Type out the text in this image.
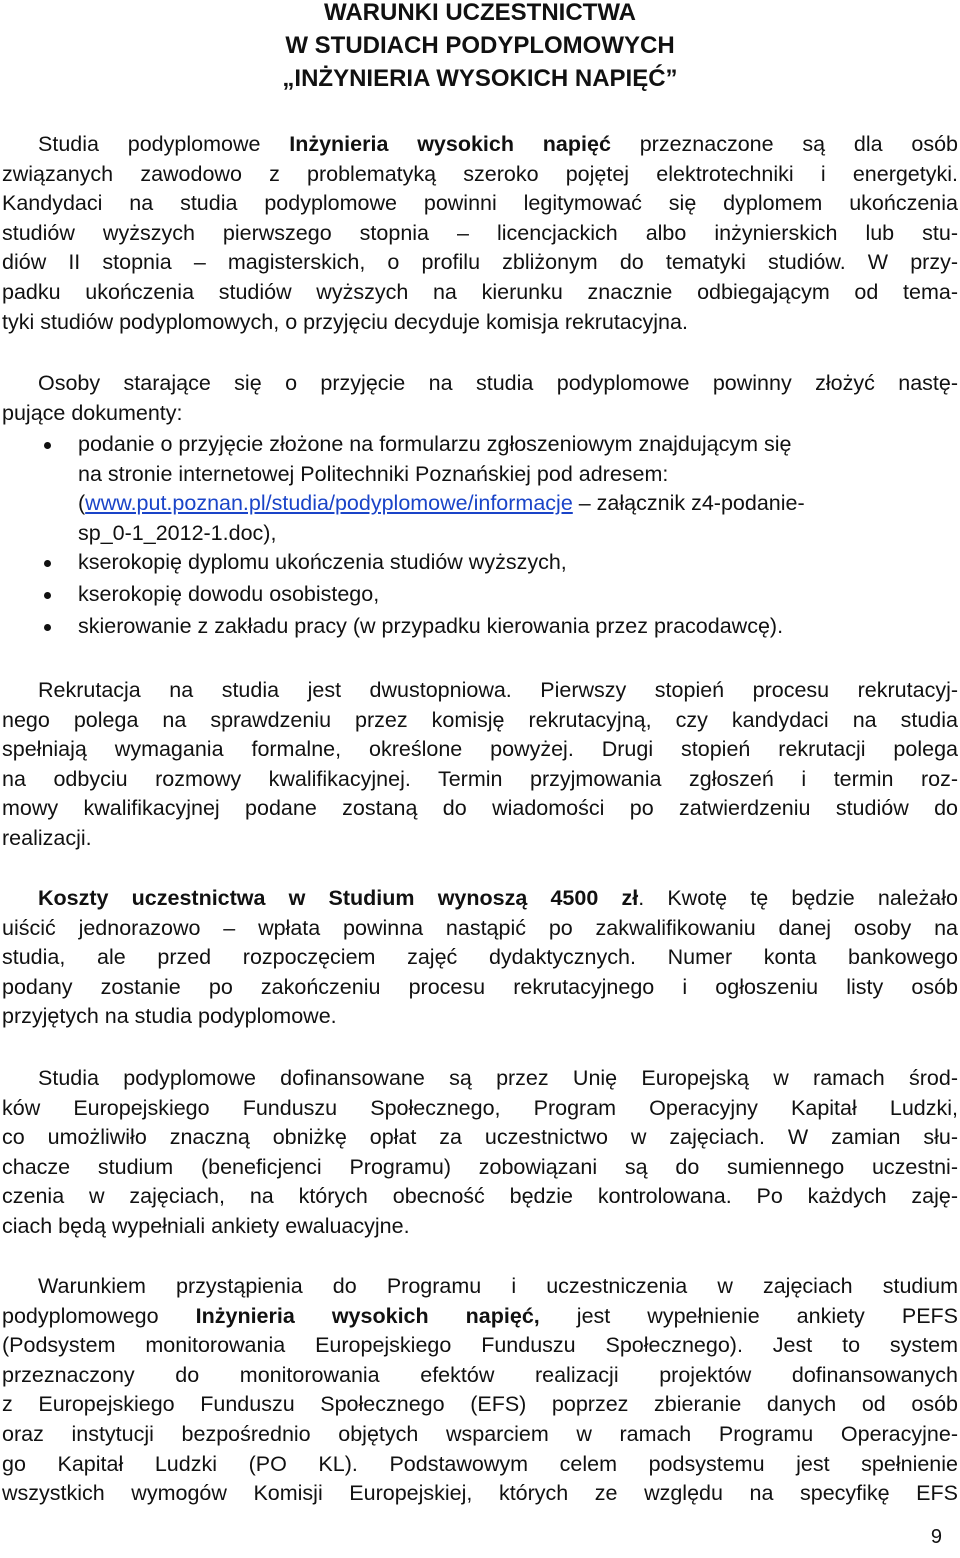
WARUNKI UCZESTNICTWA
W STUDIACH PODYPLOMOWYCH
„INŻYNIERIA WYSOKICH NAPIĘĆ”
Studia podyplomowe Inżynieria wysokich napięć przeznaczone są dla osób
związanych zawodowo z problematyką szeroko pojętej elektrotechniki i energetyki.
Kandydaci na studia podyplomowe powinni legitymować się dyplomem ukończenia
studiów wyższych pierwszego stopnia – licencjackich albo inżynierskich lub stu-
diów II stopnia – magisterskich, o profilu zbliżonym do tematyki studiów. W przy-
padku ukończenia studiów wyższych na kierunku znacznie odbiegającym od tema-
tyki studiów podyplomowych, o przyjęciu decyduje komisja rekrutacyjna.
Osoby starające się o przyjęcie na studia podyplomowe powinny złożyć nastę-
pujące dokumenty:
podanie o przyjęcie złożone na formularzu zgłoszeniowym znajdującym się
na stronie internetowej Politechniki Poznańskiej pod adresem:
(www.put.poznan.pl/studia/podyplomowe/informacje – załącznik z4-podanie-
sp_0-1_2012-1.doc),
kserokopię dyplomu ukończenia studiów wyższych,
kserokopię dowodu osobistego,
skierowanie z zakładu pracy (w przypadku kierowania przez pracodawcę).
Rekrutacja na studia jest dwustopniowa. Pierwszy stopień procesu rekrutacyj-
nego polega na sprawdzeniu przez komisję rekrutacyjną, czy kandydaci na studia
spełniają wymagania formalne, określone powyżej. Drugi stopień rekrutacji polega
na odbyciu rozmowy kwalifikacyjnej. Termin przyjmowania zgłoszeń i termin roz-
mowy kwalifikacyjnej podane zostaną do wiadomości po zatwierdzeniu studiów do
realizacji.
Koszty uczestnictwa w Studium wynoszą 4500 zł. Kwotę tę będzie należało
uiścić jednorazowo – wpłata powinna nastąpić po zakwalifikowaniu danej osoby na
studia, ale przed rozpoczęciem zajęć dydaktycznych. Numer konta bankowego
podany zostanie po zakończeniu procesu rekrutacyjnego i ogłoszeniu listy osób
przyjętych na studia podyplomowe.
Studia podyplomowe dofinansowane są przez Unię Europejską w ramach środ-
ków Europejskiego Funduszu Społecznego, Program Operacyjny Kapitał Ludzki,
co umożliwiło znaczną obniżkę opłat za uczestnictwo w zajęciach. W zamian słu-
chacze studium (beneficjenci Programu) zobowiązani są do sumiennego uczestni-
czenia w zajęciach, na których obecność będzie kontrolowana. Po każdych zaję-
ciach będą wypełniali ankiety ewaluacyjne.
Warunkiem przystąpienia do Programu i uczestniczenia w zajęciach studium
podyplomowego Inżynieria wysokich napięć, jest wypełnienie ankiety PEFS
(Podsystem monitorowania Europejskiego Funduszu Społecznego). Jest to system
przeznaczony do monitorowania efektów realizacji projektów dofinansowanych
z Europejskiego Funduszu Społecznego (EFS) poprzez zbieranie danych od osób
oraz instytucji bezpośrednio objętych wsparciem w ramach Programu Operacyjne-
go Kapitał Ludzki (PO KL). Podstawowym celem podsystemu jest spełnienie
wszystkich wymogów Komisji Europejskiej, których ze względu na specyfikę EFS
9
